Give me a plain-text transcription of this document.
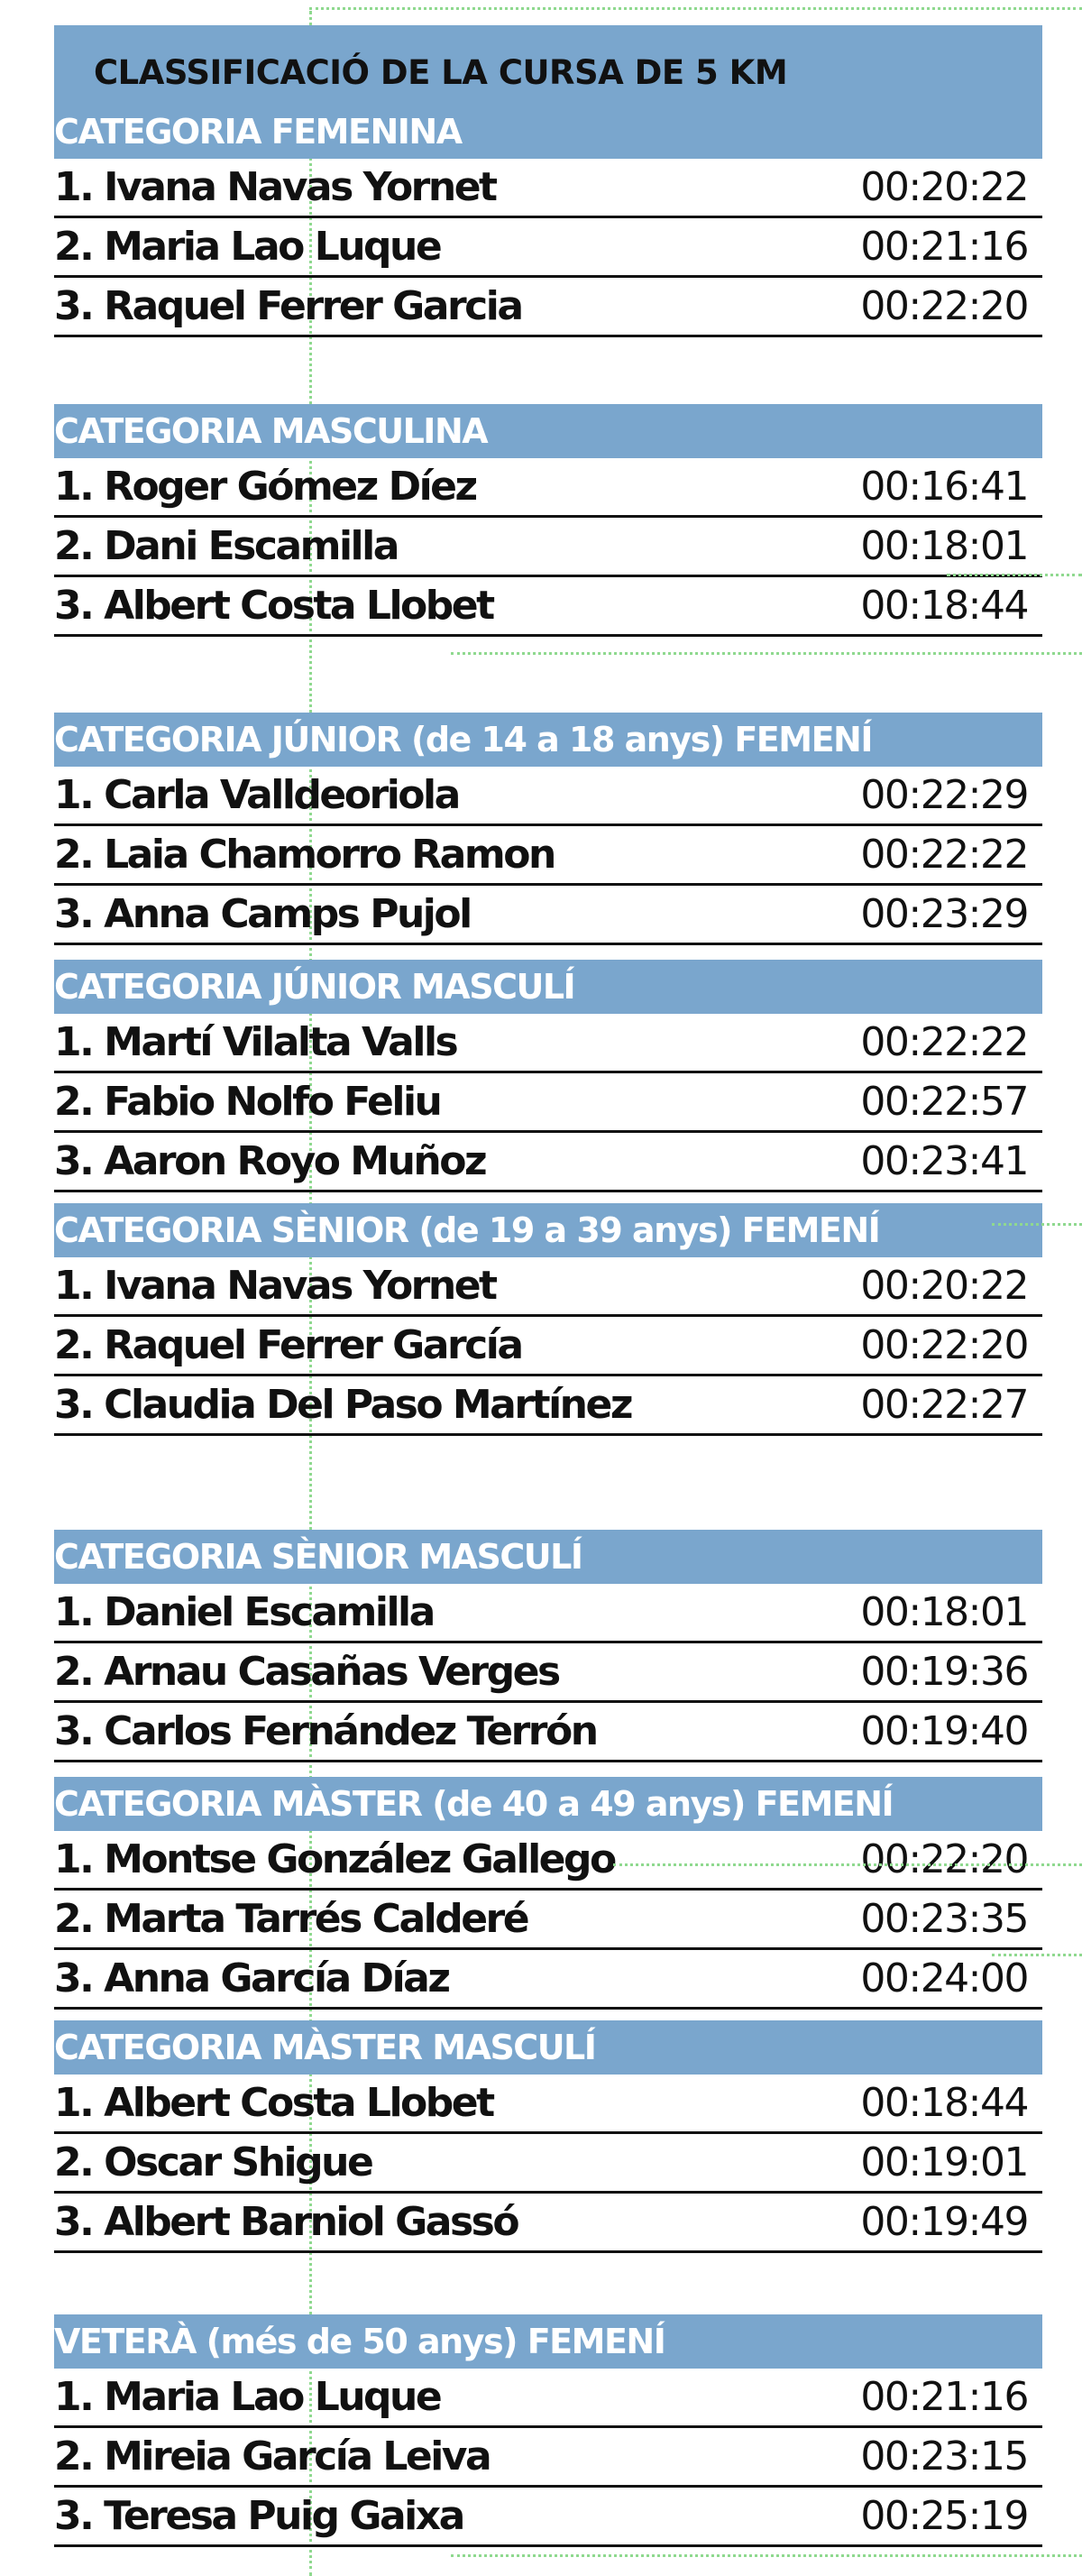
CLASSIFICACIÓ DE LA CURSA DE 5 KM
CATEGORIA FEMENINA
1. Ivana Navas Yornet	00:20:22
2. Maria Lao Luque	00:21:16
3. Raquel Ferrer Garcia	00:22:20
CATEGORIA MASCULINA
1. Roger Gómez Díez	00:16:41
2. Dani Escamilla	00:18:01
3. Albert Costa Llobet	00:18:44
CATEGORIA JÚNIOR (de 14 a 18 anys) FEMENÍ
1. Carla Valldeoriola	00:22:29
2. Laia Chamorro Ramon	00:22:22
3. Anna Camps Pujol	00:23:29
CATEGORIA JÚNIOR MASCULÍ
1. Martí Vilalta Valls	00:22:22
2. Fabio Nolfo Feliu	00:22:57
3. Aaron Royo Muñoz	00:23:41
CATEGORIA SÈNIOR (de 19 a 39 anys) FEMENÍ
1. Ivana Navas Yornet	00:20:22
2. Raquel Ferrer García	00:22:20
3. Claudia Del Paso Martínez	00:22:27
CATEGORIA SÈNIOR MASCULÍ
1. Daniel Escamilla	00:18:01
2. Arnau Casañas Verges	00:19:36
3. Carlos Fernández Terrón	00:19:40
CATEGORIA MÀSTER (de 40 a 49 anys) FEMENÍ
1. Montse González Gallego	00:22:20
2. Marta Tarrés Calderé	00:23:35
3. Anna García Díaz	00:24:00
CATEGORIA MÀSTER MASCULÍ
1. Albert Costa Llobet	00:18:44
2. Oscar Shigue	00:19:01
3. Albert Barniol Gassó	00:19:49
VETERÀ (més de 50 anys) FEMENÍ
1. Maria Lao Luque	00:21:16
2. Mireia García Leiva	00:23:15
3. Teresa Puig Gaixa	00:25:19
